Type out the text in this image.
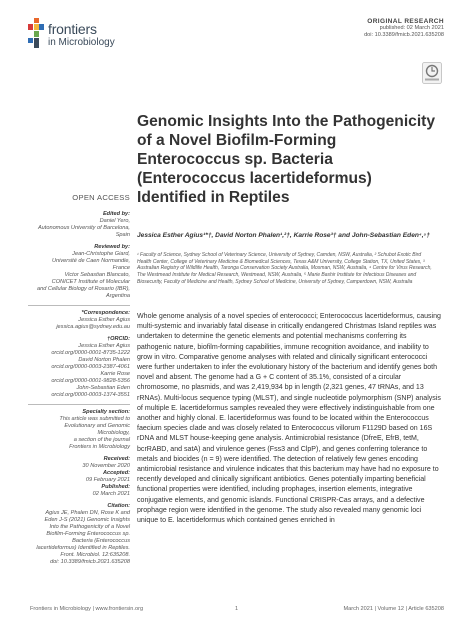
frontiers
in Microbiology
ORIGINAL RESEARCH
published: 02 March 2021
doi: 10.3389/fmicb.2021.635208
Genomic Insights Into the Pathogenicity of a Novel Biofilm-Forming Enterococcus sp. Bacteria (Enterococcus lacertideformus) Identified in Reptiles
OPEN ACCESS
Edited by:
Daniel Yero,
Autonomous University of Barcelona,
Spain
Reviewed by:
Jean-Christophe Giard,
Université de Caen Normandie,
France
Victor Sebastian Blancato,
CONICET Institute of Molecular
and Cellular Biology of Rosario (IBR),
Argentina
*Correspondence:
Jessica Esther Agius
jessica.agius@sydney.edu.au
†ORCID:
Jessica Esther Agius
orcid.org/0000-0001-8735-1222
David Norton Phalen
orcid.org/0000-0003-2387-4061
Karrie Rose
orcid.org/0000-0001-9828-5356
John-Sebastian Eden
orcid.org/0000-0003-1374-3551
Specialty section:
This article was submitted to
Evolutionary and Genomic
Microbiology,
a section of the journal
Frontiers in Microbiology
Received:
30 November 2020
Accepted:
09 February 2021
Published:
02 March 2021
Citation:
Agius JE, Phalen DN, Rose K and
Eden J-S (2021) Genomic Insights
Into the Pathogenicity of a Novel
Biofilm-Forming Enterococcus sp.
Bacteria (Enterococcus
lacertideformus) Identified in Reptiles.
Front. Microbiol. 12:635208.
doi: 10.3389/fmicb.2021.635208
Jessica Esther Agius¹*†, David Norton Phalen¹,²†, Karrie Rose³† and John-Sebastian Eden⁴,⁵†
¹ Faculty of Science, Sydney School of Veterinary Science, University of Sydney, Camden, NSW, Australia, ² Schubot Exotic Bird Health Center, College of Veterinary Medicine & Biomedical Sciences, Texas A&M University, College Station, TX, United States, ³ Australian Registry of Wildlife Health, Taronga Conservation Society Australia, Mosman, NSW, Australia, ⁴ Centre for Virus Research, The Westmead Institute for Medical Research, Westmead, NSW, Australia, ⁵ Marie Bashir Institute for Infectious Diseases and Biosecurity, Faculty of Medicine and Health, Sydney School of Medicine, University of Sydney, Camperdown, NSW, Australia
Whole genome analysis of a novel species of enterococci; Enterococcus lacertideformus, causing multi-systemic and invariably fatal disease in critically endangered Christmas Island reptiles was undertaken to determine the genetic elements and potential mechanisms conferring its pathogenic nature, biofilm-forming capabilities, immune recognition avoidance, and inability to grow in vitro. Comparative genome analyses with related and clinically significant enterococci were further undertaken to infer the evolutionary history of the bacterium and identify genes both novel and absent. The genome had a G + C content of 35.1%, consisted of a circular chromosome, no plasmids, and was 2,419,934 bp in length (2,321 genes, 47 tRNAs, and 13 rRNAs). Multi-locus sequence typing (MLST), and single nucleotide polymorphism (SNP) analysis of multiple E. lacertideformus samples revealed they were effectively indistinguishable from one another and highly clonal. E. lacertideformus was found to be located within the Enterococcus faecium species clade and was closely related to Enterococcus villorum F1129D based on 16S rDNA and MLST house-keeping gene analysis. Antimicrobial resistance (DfreE, EfrB, tetM, bcrRABD, and satA) and virulence genes (Fss3 and ClpP), and genes conferring tolerance to metals and biocides (n = 9) were identified. The detection of relatively few genes encoding antimicrobial resistance and virulence indicates that this bacterium may have had no exposure to recently developed and clinically significant antibiotics. Genes potentially imparting beneficial functional properties were identified, including prophages, insertion elements, integrative conjugative elements, and genomic islands. Functional CRISPR-Cas arrays, and a defective prophage region were identified in the genome. The study also revealed many genomic loci unique to E. lacertideformus which contained genes enriched in
Frontiers in Microbiology | www.frontiersin.org	1	March 2021 | Volume 12 | Article 635208
